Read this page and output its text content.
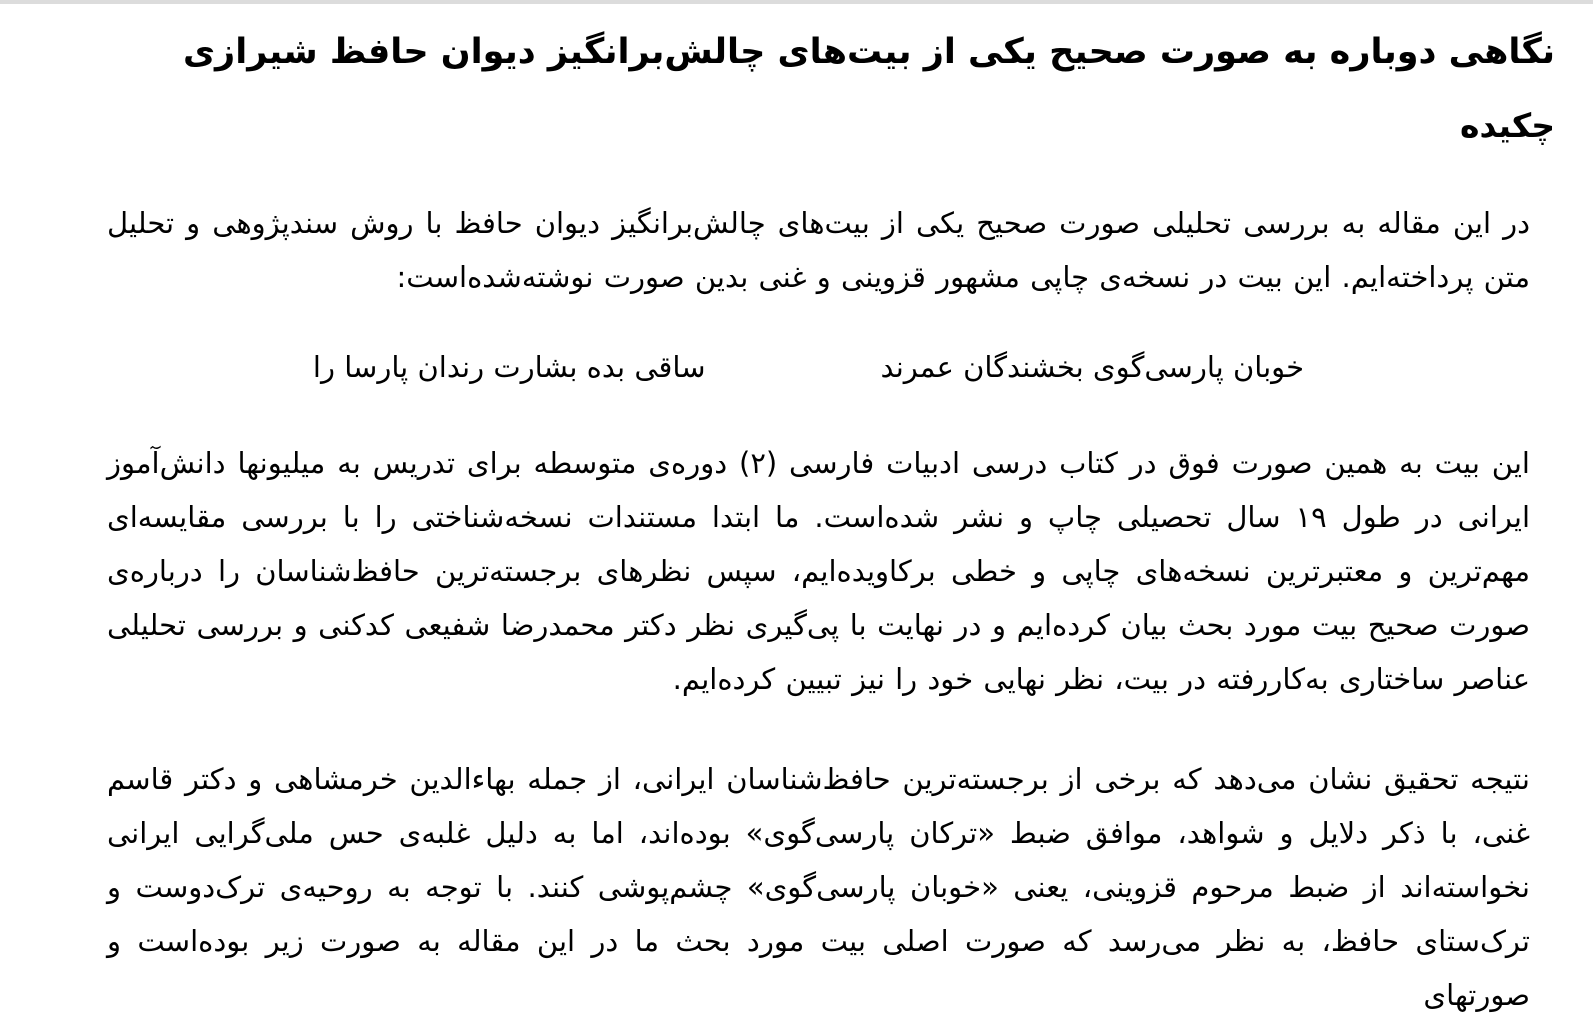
نگاهی دوباره به صورت صحیح یکی از بیت‌های چالش‌برانگیز دیوان حافظ شیرازی
چکیده

در این مقاله به بررسی تحلیلی صورت صحیح یکی از بیت‌های چالش‌برانگیز دیوان حافظ با روش سندپژوهی و تحلیل متن پرداخته‌ایم. این بیت در نسخه‌ی چاپی مشهور قزوینی و غنی بدین صورت نوشته‌شده‌است:

خوبان پارسی‌گوی بخشندگان عمرند
ساقی بده بشارت رندان پارسا را

این بیت به همین صورت فوق در کتاب درسی ادبیات فارسی (۲) دوره‌ی متوسطه برای تدریس به میلیونها دانش‌آموز ایرانی در طول ۱۹ سال تحصیلی چاپ و نشر شده‌است. ما ابتدا مستندات نسخه‌شناختی را با بررسی مقایسه‌ای مهم‌ترین و معتبرترین نسخه‌های چاپی و خطی برکاویده‌ایم، سپس نظرهای برجسته‌ترین حافظ‌شناسان را درباره‌ی صورت صحیح بیت مورد بحث بیان کرده‌ایم و در نهایت با پی‌گیری نظر دکتر محمدرضا شفیعی کدکنی و بررسی تحلیلی عناصر ساختاری به‌کاررفته در بیت، نظر نهایی خود را نیز تبیین کرده‌ایم.

نتیجه تحقیق نشان می‌دهد که برخی از برجسته‌ترین حافظ‌شناسان ایرانی، از جمله بهاءالدین خرمشاهی و دکتر قاسم غنی، با ذکر دلایل و شواهد، موافق ضبط «ترکان پارسی‌گوی» بوده‌اند، اما به دلیل غلبه‌ی حس ملی‌گرایی ایرانی نخواسته‌اند از ضبط مرحوم قزوینی، یعنی «خوبان پارسی‌گوی» چشم‌پوشی کنند. با توجه به روحیه‌ی ترک‌دوست و ترک‌ستای حافظ، به نظر می‌رسد که صورت اصلی بیت مورد بحث ما در این مقاله به صورت زیر بوده‌است و صورتهای
